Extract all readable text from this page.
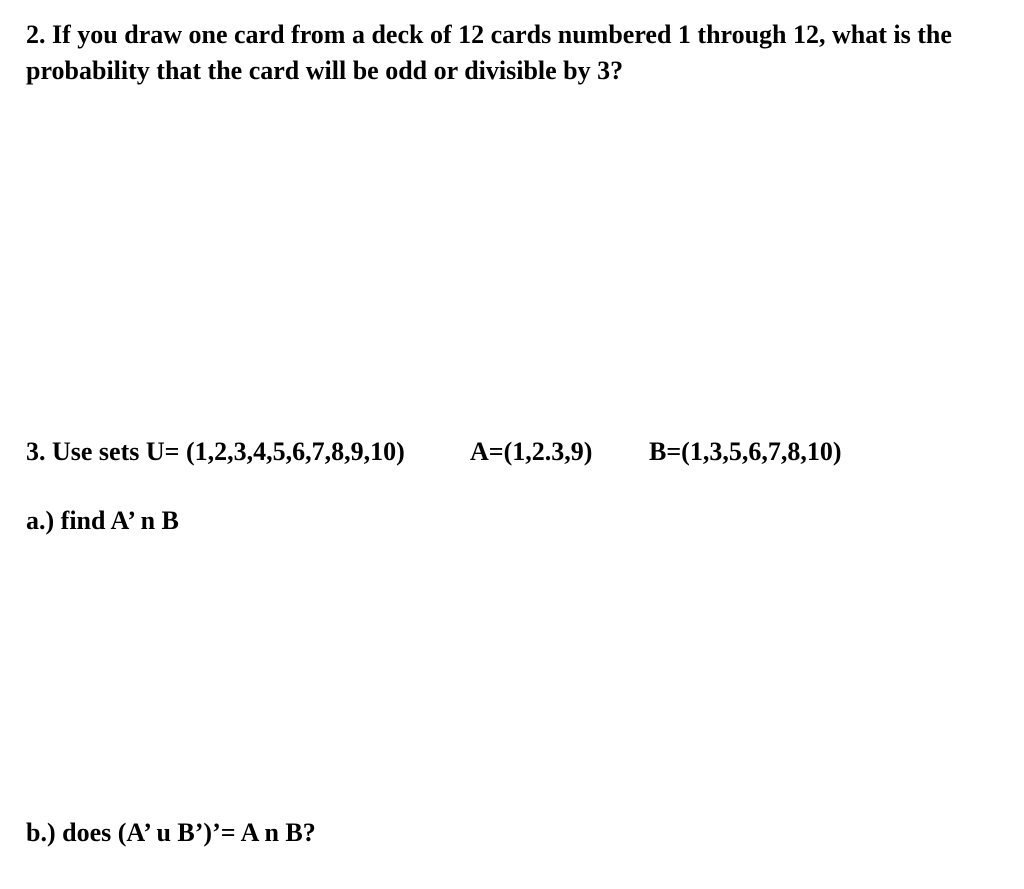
2. If you draw one card from a deck of 12 cards numbered 1 through 12, what is the

probability that the card will be odd or divisible by 3?

3. Use sets U= (1,2,3,4,5,6,7,8,9,10)	A=(1,2.3,9) B=(1,3,5,6,7,8,10)

a.) find A’ n B

b.) does (A’ u B’)’= A n B?
